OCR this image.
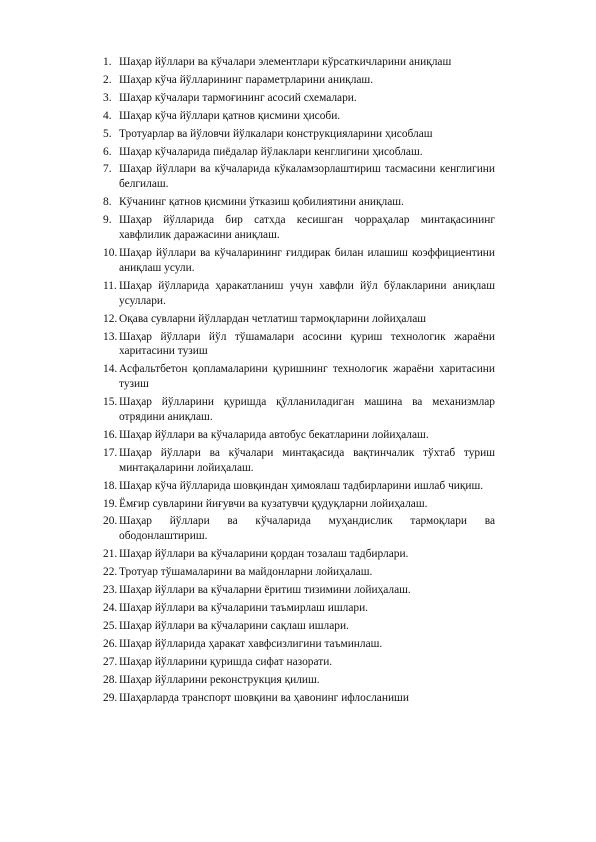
1. Шаҳар йўллари ва кўчалари элементлари кўрсаткичларини аниқлаш
2. Шаҳар кўча йўлларининг параметрларини аниқлаш.
3. Шаҳар кўчалари тармоғининг асосий схемалари.
4. Шаҳар кўча йўллари қатнов қисмини ҳисоби.
5. Тротуарлар ва йўловчи йўлкалари конструкцияларини ҳисоблаш
6. Шаҳар кўчаларида пиёдалар йўлаклари кенглигини ҳисоблаш.
7. Шаҳар йўллари ва кўчаларида кўкаламзорлаштириш тасмасини кенглигини белгилаш.
8. Кўчанинг қатнов қисмини ўтказиш қобилиятини аниқлаш.
9. Шаҳар йўлларида бир сатхда кесишган чорраҳалар минтақасининг хавфлилик даражасини аниқлаш.
10. Шаҳар йўллари ва кўчаларининг ғилдирак билан илашиш коэффициентини аниқлаш усули.
11. Шаҳар йўлларида ҳаракатланиш учун хавфли йўл бўлакларини аниқлаш усуллари.
12. Оқава сувларни йўллардан четлатиш тармоқларини лойиҳалаш
13. Шаҳар йўллари йўл тўшамалари асосини қуриш технологик жараёни харитасини тузиш
14. Асфальтбетон қопламаларини қуришнинг технологик жараёни харитасини тузиш
15. Шаҳар йўлларини қуришда қўлланиладиган машина ва механизмлар отрядини аниқлаш.
16. Шаҳар йўллари ва кўчаларида автобус бекатларини лойиҳалаш.
17. Шаҳар йўллари ва кўчалари минтақасида вақтинчалик тўхтаб туриш минтақаларини лойиҳалаш.
18. Шаҳар кўча йўлларида шовқиндан ҳимоялаш тадбирларини ишлаб чиқиш.
19. Ёмғир сувларини йиғувчи ва кузатувчи қудуқларни лойиҳалаш.
20. Шаҳар йўллари ва кўчаларида муҳандислик тармоқлари ва ободонлаштириш.
21. Шаҳар йўллари ва кўчаларини қордан тозалаш тадбирлари.
22. Тротуар тўшамаларини ва майдонларни лойиҳалаш.
23. Шаҳар йўллари ва кўчаларни ёритиш тизимини лойиҳалаш.
24. Шаҳар йўллари ва кўчаларини таъмирлаш ишлари.
25. Шаҳар йўллари ва кўчаларини сақлаш ишлари.
26. Шаҳар йўлларида ҳаракат хавфсизлигини таъминлаш.
27. Шаҳар йўлларини қуришда сифат назорати.
28. Шаҳар йўлларини реконструкция қилиш.
29. Шаҳарларда транспорт шовқини ва ҳавонинг ифлосланиши
